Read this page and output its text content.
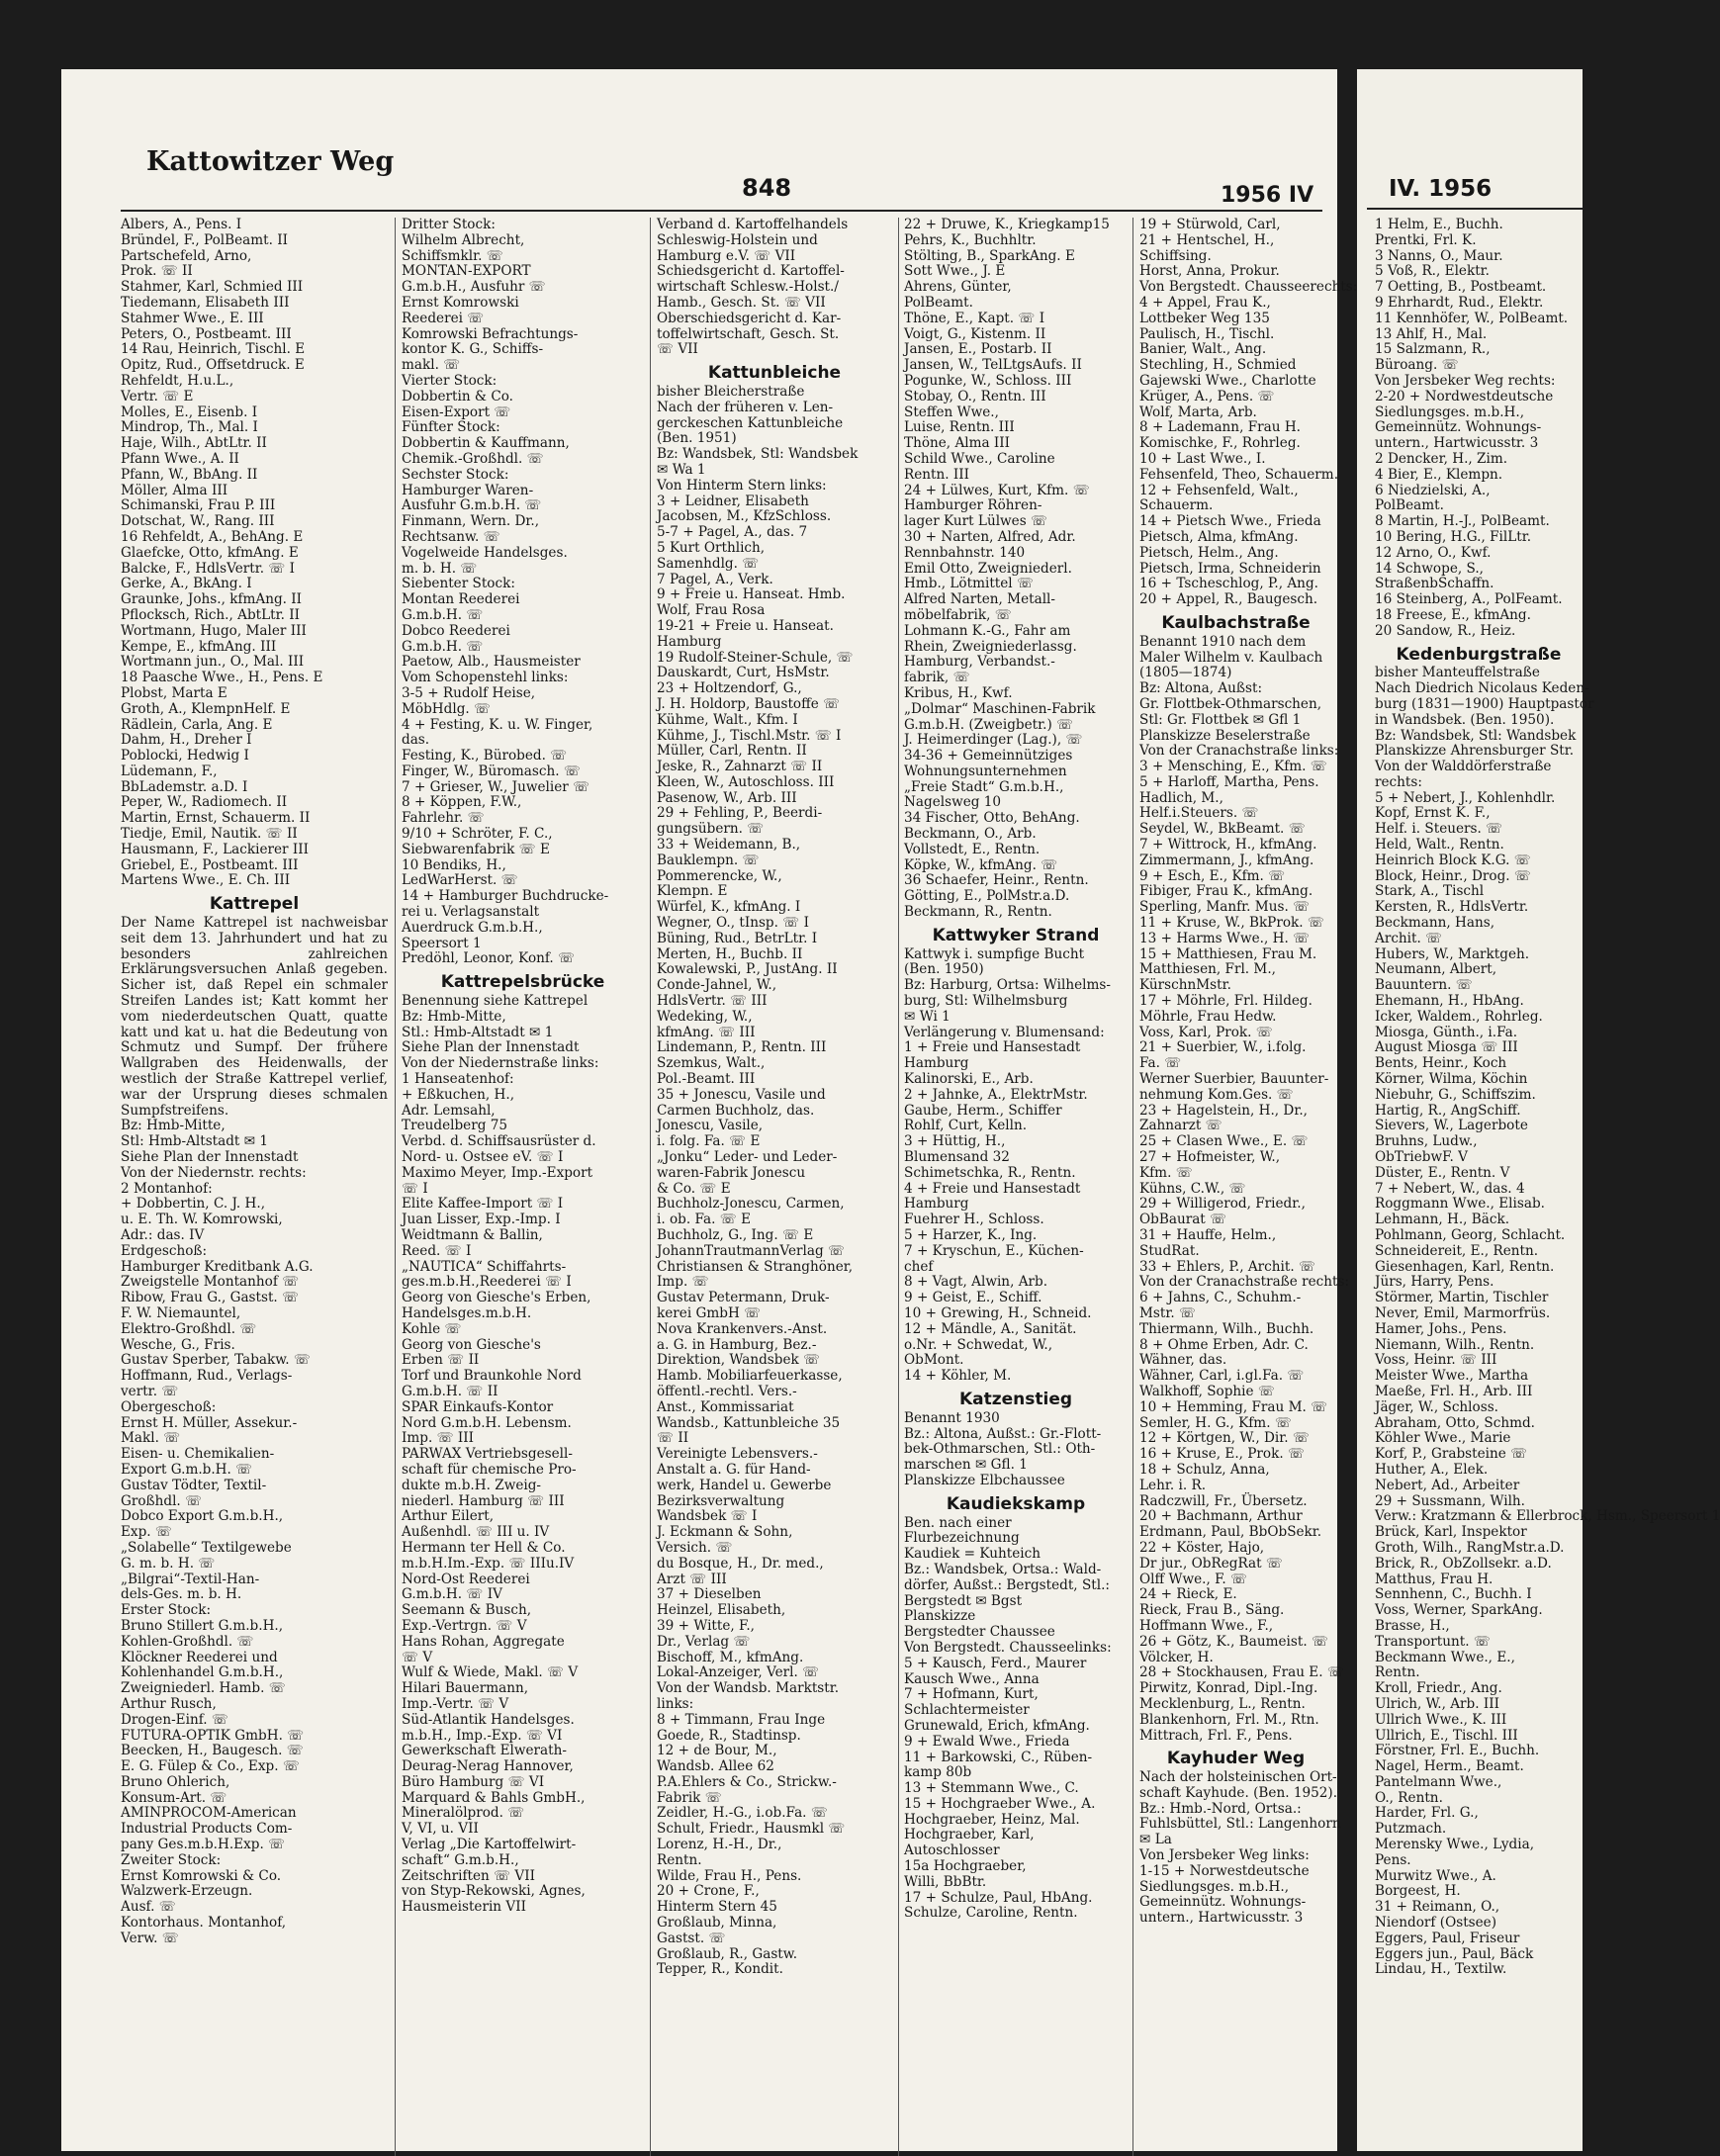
Kattowitzer Weg
848	1956 IV
Albers, A., Pens. I
Bründel, F., PolBeamt. II
Partschefeld, Arno,
Prok. ☏ II
Stahmer, Karl, Schmied III
Tiedemann, Elisabeth III
Stahmer Wwe., E. III
Peters, O., Postbeamt. III
14 Rau, Heinrich, Tischl. E
Opitz, Rud., Offsetdruck. E
Rehfeldt, H.u.L.,
Vertr. ☏ E
Molles, E., Eisenb. I
Mindrop, Th., Mal. I
Haje, Wilh., AbtLtr. II
Pfann Wwe., A. II
Pfann, W., BbAng. II
Möller, Alma III
Schimanski, Frau P. III
Dotschat, W., Rang. III
16 Rehfeldt, A., BehAng. E
Glaefcke, Otto, kfmAng. E
Balcke, F., HdlsVertr. ☏ I
Gerke, A., BkAng. I
Graunke, Johs., kfmAng. II
Pflocksch, Rich., AbtLtr. II
Wortmann, Hugo, Maler III
Kempe, E., kfmAng. III
Wortmann jun., O., Mal. III
18 Paasche Wwe., H., Pens. E
Plobst, Marta E
Groth, A., KlempnHelf. E
Rädlein, Carla, Ang. E
Dahm, H., Dreher I
Poblocki, Hedwig I
Lüdemann, F.,
BbLademstr. a.D. I
Peper, W., Radiomech. II
Martin, Ernst, Schauerm. II
Tiedje, Emil, Nautik. ☏ II
Hausmann, F., Lackierer III
Griebel, E., Postbeamt. III
Martens Wwe., E. Ch. III
Kattrepel
Der Name Kattrepel ist nachweisbar seit dem 13. Jahrhundert und hat zu besonders zahlreichen Erklärungsversuchen Anlaß gegeben. Sicher ist, daß Repel ein schmaler Streifen Landes ist; Katt kommt her vom niederdeutschen Quatt, quatte katt und kat u. hat die Bedeutung von Schmutz und Sumpf. Der frühere Wallgraben des Heidenwalls, der westlich der Straße Kattrepel verlief, war der Ursprung dieses schmalen Sumpfstreifens.
Bz: Hmb-Mitte,
Stl: Hmb-Altstadt ✉ 1
Siehe Plan der Innenstadt
Von der Niedernstr. rechts:
2 Montanhof:
+ Dobbertin, C. J. H.,
u. E. Th. W. Komrowski,
Adr.: das. IV
Erdgeschoß:
Hamburger Kreditbank A.G.
Zweigstelle Montanhof ☏
Ribow, Frau G., Gastst. ☏
F. W. Niemauntel,
Elektro-Großhdl. ☏
Wesche, G., Fris.
Gustav Sperber, Tabakw. ☏
Hoffmann, Rud., Verlags-
vertr. ☏
Obergeschoß:
Ernst H. Müller, Assekur.-
Makl. ☏
Eisen- u. Chemikalien-
Export G.m.b.H. ☏
Gustav Tödter, Textil-
Großhdl. ☏
Dobco Export G.m.b.H.,
Exp. ☏
„Solabelle“ Textilgewebe
G. m. b. H. ☏
„Bilgrai“-Textil-Han-
dels-Ges. m. b. H.
Erster Stock:
Bruno Stillert G.m.b.H.,
Kohlen-Großhdl. ☏
Klöckner Reederei und
Kohlenhandel G.m.b.H.,
Zweigniederl. Hamb. ☏
Arthur Rusch,
Drogen-Einf. ☏
FUTURA-OPTIK GmbH. ☏
Beecken, H., Baugesch. ☏
E. G. Fülep & Co., Exp. ☏
Bruno Ohlerich,
Konsum-Art. ☏
AMINPROCOM-American
Industrial Products Com-
pany Ges.m.b.H.Exp. ☏
Zweiter Stock:
Ernst Komrowski & Co.
Walzwerk-Erzeugn.
Ausf. ☏
Kontorhaus. Montanhof,
Verw. ☏
Dritter Stock:
Wilhelm Albrecht,
Schiffsmklr. ☏
MONTAN-EXPORT
G.m.b.H., Ausfuhr ☏
Ernst Komrowski
Reederei ☏
Komrowski Befrachtungs-
kontor K. G., Schiffs-
makl. ☏
Vierter Stock:
Dobbertin & Co.
Eisen-Export ☏
Fünfter Stock:
Dobbertin & Kauffmann,
Chemik.-Großhdl. ☏
Sechster Stock:
Hamburger Waren-
Ausfuhr G.m.b.H. ☏
Finmann, Wern. Dr.,
Rechtsanw. ☏
Vogelweide Handelsges.
m. b. H. ☏
Siebenter Stock:
Montan Reederei
G.m.b.H. ☏
Dobco Reederei
G.m.b.H. ☏
Paetow, Alb., Hausmeister
Vom Schopenstehl links:
3-5 + Rudolf Heise,
MöbHdlg. ☏
4 + Festing, K. u. W. Finger,
das.
Festing, K., Bürobed. ☏
Finger, W., Büromasch. ☏
7 + Grieser, W., Juwelier ☏
8 + Köppen, F.W.,
Fahrlehr. ☏
9/10 + Schröter, F. C.,
Siebwarenfabrik ☏ E
10 Bendiks, H.,
LedWarHerst. ☏
14 + Hamburger Buchdrucke-
rei u. Verlagsanstalt
Auerdruck G.m.b.H.,
Speersort 1
Predöhl, Leonor, Konf. ☏
Kattrepelsbrücke
Benennung siehe Kattrepel
Bz: Hmb-Mitte,
Stl.: Hmb-Altstadt ✉ 1
Siehe Plan der Innenstadt
Von der Niedernstraße links:
1 Hanseatenhof:
+ Eßkuchen, H.,
Adr. Lemsahl,
Treudelberg 75
Verbd. d. Schiffsausrüster d.
Nord- u. Ostsee eV. ☏ I
Maximo Meyer, Imp.-Export
☏ I
Elite Kaffee-Import ☏ I
Juan Lisser, Exp.-Imp. I
Weidtmann & Ballin,
Reed. ☏ I
„NAUTICA“ Schiffahrts-
ges.m.b.H.,Reederei ☏ I
Georg von Giesche's Erben,
Handelsges.m.b.H.
Kohle ☏
Georg von Giesche's
Erben ☏ II
Torf und Braunkohle Nord
G.m.b.H. ☏ II
SPAR Einkaufs-Kontor
Nord G.m.b.H. Lebensm.
Imp. ☏ III
PARWAX Vertriebsgesell-
schaft für chemische Pro-
dukte m.b.H. Zweig-
niederl. Hamburg ☏ III
Arthur Eilert,
Außenhdl. ☏ III u. IV
Hermann ter Hell & Co.
m.b.H.Im.-Exp. ☏ IIIu.IV
Nord-Ost Reederei
G.m.b.H. ☏ IV
Seemann & Busch,
Exp.-Vertrgn. ☏ V
Hans Rohan, Aggregate
☏ V
Wulf & Wiede, Makl. ☏ V
Hilari Bauermann,
Imp.-Vertr. ☏ V
Süd-Atlantik Handelsges.
m.b.H., Imp.-Exp. ☏ VI
Gewerkschaft Elwerath-
Deurag-Nerag Hannover,
Büro Hamburg ☏ VI
Marquard & Bahls GmbH.,
Mineralölprod. ☏
V, VI, u. VII
Verlag „Die Kartoffelwirt-
schaft“ G.m.b.H.,
Zeitschriften ☏ VII
von Styp-Rekowski, Agnes,
Hausmeisterin VII
Verband d. Kartoffelhandels
Schleswig-Holstein und
Hamburg e.V. ☏ VII
Schiedsgericht d. Kartoffel-
wirtschaft Schlesw.-Holst./
Hamb., Gesch. St. ☏ VII
Oberschiedsgericht d. Kar-
toffelwirtschaft, Gesch. St.
☏ VII
Kattunbleiche
bisher Bleicherstraße
Nach der früheren v. Len-
gerckeschen Kattunbleiche
(Ben. 1951)
Bz: Wandsbek, Stl: Wandsbek
✉ Wa 1
Von Hinterm Stern links:
3 + Leidner, Elisabeth
Jacobsen, M., KfzSchloss.
5-7 + Pagel, A., das. 7
5 Kurt Orthlich,
Samenhdlg. ☏
7 Pagel, A., Verk.
9 + Freie u. Hanseat. Hmb.
Wolf, Frau Rosa
19-21 + Freie u. Hanseat.
Hamburg
19 Rudolf-Steiner-Schule, ☏
Dauskardt, Curt, HsMstr.
23 + Holtzendorf, G.,
J. H. Holdorp, Baustoffe ☏
Kühme, Walt., Kfm. I
Kühme, J., Tischl.Mstr. ☏ I
Müller, Carl, Rentn. II
Jeske, R., Zahnarzt ☏ II
Kleen, W., Autoschloss. III
Pasenow, W., Arb. III
29 + Fehling, P., Beerdi-
gungsübern. ☏
33 + Weidemann, B.,
Bauklempn. ☏
Pommerencke, W.,
Klempn. E
Würfel, K., kfmAng. I
Wegner, O., tInsp. ☏ I
Büning, Rud., BetrLtr. I
Merten, H., Buchb. II
Kowalewski, P., JustAng. II
Conde-Jahnel, W.,
HdlsVertr. ☏ III
Wedeking, W.,
kfmAng. ☏ III
Lindemann, P., Rentn. III
Szemkus, Walt.,
Pol.-Beamt. III
35 + Jonescu, Vasile und
Carmen Buchholz, das.
Jonescu, Vasile,
i. folg. Fa. ☏ E
„Jonku“ Leder- und Leder-
waren-Fabrik Jonescu
& Co. ☏ E
Buchholz-Jonescu, Carmen,
i. ob. Fa. ☏ E
Buchholz, G., Ing. ☏ E
JohannTrautmannVerlag ☏
Christiansen & Stranghöner,
Imp. ☏
Gustav Petermann, Druk-
kerei GmbH ☏
Nova Krankenvers.-Anst.
a. G. in Hamburg, Bez.-
Direktion, Wandsbek ☏
Hamb. Mobiliarfeuerkasse,
öffentl.-rechtl. Vers.-
Anst., Kommissariat
Wandsb., Kattunbleiche 35
☏ II
Vereinigte Lebensvers.-
Anstalt a. G. für Hand-
werk, Handel u. Gewerbe
Bezirksverwaltung
Wandsbek ☏ I
J. Eckmann & Sohn,
Versich. ☏
du Bosque, H., Dr. med.,
Arzt ☏ III
37 + Dieselben
Heinzel, Elisabeth,
39 + Witte, F.,
Dr., Verlag ☏
Bischoff, M., kfmAng.
Lokal-Anzeiger, Verl. ☏
Von der Wandsb. Marktstr.
links:
8 + Timmann, Frau Inge
Goede, R., Stadtinsp.
12 + de Bour, M.,
Wandsb. Allee 62
P.A.Ehlers & Co., Strickw.-
Fabrik ☏
Zeidler, H.-G., i.ob.Fa. ☏
Schult, Friedr., Hausmkl ☏
Lorenz, H.-H., Dr.,
Rentn.
Wilde, Frau H., Pens.
20 + Crone, F.,
Hinterm Stern 45
Großlaub, Minna,
Gastst. ☏
Großlaub, R., Gastw.
Tepper, R., Kondit.
22 + Druwe, K., Kriegkamp15
Pehrs, K., Buchhltr.
Stölting, B., SparkAng. E
Sott Wwe., J. E
Ahrens, Günter,
PolBeamt.
Thöne, E., Kapt. ☏ I
Voigt, G., Kistenm. II
Jansen, E., Postarb. II
Jansen, W., TelLtgsAufs. II
Pogunke, W., Schloss. III
Stobay, O., Rentn. III
Steffen Wwe.,
Luise, Rentn. III
Thöne, Alma III
Schild Wwe., Caroline
Rentn. III
24 + Lülwes, Kurt, Kfm. ☏
Hamburger Röhren-
lager Kurt Lülwes ☏
30 + Narten, Alfred, Adr.
Rennbahnstr. 140
Emil Otto, Zweigniederl.
Hmb., Lötmittel ☏
Alfred Narten, Metall-
möbelfabrik, ☏
Lohmann K.-G., Fahr am
Rhein, Zweigniederlassg.
Hamburg, Verbandst.-
fabrik, ☏
Kribus, H., Kwf.
„Dolmar“ Maschinen-Fabrik
G.m.b.H. (Zweigbetr.) ☏
J. Heimerdinger (Lag.), ☏
34-36 + Gemeinnütziges
Wohnungsunternehmen
„Freie Stadt“ G.m.b.H.,
Nagelsweg 10
34 Fischer, Otto, BehAng.
Beckmann, O., Arb.
Vollstedt, E., Rentn.
Köpke, W., kfmAng. ☏
36 Schaefer, Heinr., Rentn.
Götting, E., PolMstr.a.D.
Beckmann, R., Rentn.
Kattwyker Strand
Kattwyk i. sumpfige Bucht
(Ben. 1950)
Bz: Harburg, Ortsa: Wilhelms-
burg, Stl: Wilhelmsburg
✉ Wi 1
Verlängerung v. Blumensand:
1 + Freie und Hansestadt
Hamburg
Kalinorski, E., Arb.
2 + Jahnke, A., ElektrMstr.
Gaube, Herm., Schiffer
Rohlf, Curt, Kelln.
3 + Hüttig, H.,
Blumensand 32
Schimetschka, R., Rentn.
4 + Freie und Hansestadt
Hamburg
Fuehrer H., Schloss.
5 + Harzer, K., Ing.
7 + Kryschun, E., Küchen-
chef
8 + Vagt, Alwin, Arb.
9 + Geist, E., Schiff.
10 + Grewing, H., Schneid.
12 + Mändle, A., Sanität.
o.Nr. + Schwedat, W.,
ObMont.
14 + Köhler, M.
Katzenstieg
Benannt 1930
Bz.: Altona, Außst.: Gr.-Flott-
bek-Othmarschen, Stl.: Oth-
marschen ✉ Gfl. 1
Planskizze Elbchaussee
Kaudiekskamp
Ben. nach einer
Flurbezeichnung
Kaudiek = Kuhteich
Bz.: Wandsbek, Ortsa.: Wald-
dörfer, Außst.: Bergstedt, Stl.:
Bergstedt ✉ Bgst
Planskizze
Bergstedter Chaussee
Von Bergstedt. Chausseelinks:
5 + Kausch, Ferd., Maurer
Kausch Wwe., Anna
7 + Hofmann, Kurt,
Schlachtermeister
Grunewald, Erich, kfmAng.
9 + Ewald Wwe., Frieda
11 + Barkowski, C., Rüben-
kamp 80b
13 + Stemmann Wwe., C.
15 + Hochgraeber Wwe., A.
Hochgraeber, Heinz, Mal.
Hochgraeber, Karl,
Autoschlosser
15a Hochgraeber,
Willi, BbBtr.
17 + Schulze, Paul, HbAng.
Schulze, Caroline, Rentn.
19 + Stürwold, Carl,
21 + Hentschel, H.,
Schiffsing.
Horst, Anna, Prokur.
Von Bergstedt. Chausseerechts:
4 + Appel, Frau K.,
Lottbeker Weg 135
Paulisch, H., Tischl.
Banier, Walt., Ang.
Stechling, H., Schmied
Gajewski Wwe., Charlotte
Krüger, A., Pens. ☏
Wolf, Marta, Arb.
8 + Lademann, Frau H.
Komischke, F., Rohrleg.
10 + Last Wwe., I.
Fehsenfeld, Theo, Schauerm.
12 + Fehsenfeld, Walt.,
Schauerm.
14 + Pietsch Wwe., Frieda
Pietsch, Alma, kfmAng.
Pietsch, Helm., Ang.
Pietsch, Irma, Schneiderin
16 + Tscheschlog, P., Ang.
20 + Appel, R., Baugesch.
Kaulbachstraße
Benannt 1910 nach dem
Maler Wilhelm v. Kaulbach
(1805—1874)
Bz: Altona, Außst:
Gr. Flottbek-Othmarschen,
Stl: Gr. Flottbek ✉ Gfl 1
Planskizze Beselerstraße
Von der Cranachstraße links:
3 + Mensching, E., Kfm. ☏
5 + Harloff, Martha, Pens.
Hadlich, M.,
Helf.i.Steuers. ☏
Seydel, W., BkBeamt. ☏
7 + Wittrock, H., kfmAng.
Zimmermann, J., kfmAng.
9 + Esch, E., Kfm. ☏
Fibiger, Frau K., kfmAng.
Sperling, Manfr. Mus. ☏
11 + Kruse, W., BkProk. ☏
13 + Harms Wwe., H. ☏
15 + Matthiesen, Frau M.
Matthiesen, Frl. M.,
KürschnMstr.
17 + Möhrle, Frl. Hildeg.
Möhrle, Frau Hedw.
Voss, Karl, Prok. ☏
21 + Suerbier, W., i.folg.
Fa. ☏
Werner Suerbier, Bauunter-
nehmung Kom.Ges. ☏
23 + Hagelstein, H., Dr.,
Zahnarzt ☏
25 + Clasen Wwe., E. ☏
27 + Hofmeister, W.,
Kfm. ☏
Kühns, C.W., ☏
29 + Willigerod, Friedr.,
ObBaurat ☏
31 + Hauffe, Helm.,
StudRat.
33 + Ehlers, P., Archit. ☏
Von der Cranachstraße rechts:
6 + Jahns, C., Schuhm.-
Mstr. ☏
Thiermann, Wilh., Buchh.
8 + Ohme Erben, Adr. C.
Wähner, das.
Wähner, Carl, i.gl.Fa. ☏
Walkhoff, Sophie ☏
10 + Hemming, Frau M. ☏
Semler, H. G., Kfm. ☏
12 + Körtgen, W., Dir. ☏
16 + Kruse, E., Prok. ☏
18 + Schulz, Anna,
Lehr. i. R.
Radczwill, Fr., Übersetz.
20 + Bachmann, Arthur
Erdmann, Paul, BbObSekr.
22 + Köster, Hajo,
Dr jur., ObRegRat ☏
Olff Wwe., F. ☏
24 + Rieck, E.
Rieck, Frau B., Säng.
Hoffmann Wwe., F.,
26 + Götz, K., Baumeist. ☏
Völcker, H.
28 + Stockhausen, Frau E. ☏
Pirwitz, Konrad, Dipl.-Ing.
Mecklenburg, L., Rentn.
Blankenhorn, Frl. M., Rtn.
Mittrach, Frl. F., Pens.
Kayhuder Weg
Nach der holsteinischen Ort-
schaft Kayhude. (Ben. 1952).
Bz.: Hmb.-Nord, Ortsa.:
Fuhlsbüttel, Stl.: Langenhorn
✉ La
Von Jersbeker Weg links:
1-15 + Norwestdeutsche
Siedlungsges. m.b.H.,
Gemeinnütz. Wohnungs-
untern., Hartwicusstr. 3
IV. 1956
1 Helm, E., Buchh.
Prentki, Frl. K.
3 Nanns, O., Maur.
5 Voß, R., Elektr.
7 Oetting, B., Postbeamt.
9 Ehrhardt, Rud., Elektr.
11 Kennhöfer, W., PolBeamt.
13 Ahlf, H., Mal.
15 Salzmann, R.,
Büroang. ☏
Von Jersbeker Weg rechts:
2-20 + Nordwestdeutsche
Siedlungsges. m.b.H.,
Gemeinnütz. Wohnungs-
untern., Hartwicusstr. 3
2 Dencker, H., Zim.
4 Bier, E., Klempn.
6 Niedzielski, A.,
PolBeamt.
8 Martin, H.-J., PolBeamt.
10 Bering, H.G., FilLtr.
12 Arno, O., Kwf.
14 Schwope, S.,
StraßenbSchaffn.
16 Steinberg, A., PolFeamt.
18 Freese, E., kfmAng.
20 Sandow, R., Heiz.
Kedenburgstraße
bisher Manteuffelstraße
Nach Diedrich Nicolaus Keden-
burg (1831—1900) Hauptpastor
in Wandsbek. (Ben. 1950).
Bz: Wandsbek, Stl: Wandsbek
Planskizze Ahrensburger Str.
Von der Walddörferstraße
rechts:
5 + Nebert, J., Kohlenhdlr.
Kopf, Ernst K. F.,
Helf. i. Steuers. ☏
Held, Walt., Rentn.
Heinrich Block K.G. ☏
Block, Heinr., Drog. ☏
Stark, A., Tischl
Kersten, R., HdlsVertr.
Beckmann, Hans,
Archit. ☏
Hubers, W., Marktgeh.
Neumann, Albert,
Bauuntern. ☏
Ehemann, H., HbAng.
Icker, Waldem., Rohrleg.
Miosga, Günth., i.Fa.
August Miosga ☏ III
Bents, Heinr., Koch
Körner, Wilma, Köchin
Niebuhr, G., Schiffszim.
Hartig, R., AngSchiff.
Sievers, W., Lagerbote
Bruhns, Ludw.,
ObTriebwF. V
Düster, E., Rentn. V
7 + Nebert, W., das. 4
Roggmann Wwe., Elisab.
Lehmann, H., Bäck.
Pohlmann, Georg, Schlacht.
Schneidereit, E., Rentn.
Giesenhagen, Karl, Rentn.
Jürs, Harry, Pens.
Störmer, Martin, Tischler
Never, Emil, Marmorfrüs.
Hamer, Johs., Pens.
Niemann, Wilh., Rentn.
Voss, Heinr. ☏ III
Meister Wwe., Martha
Maeße, Frl. H., Arb. III
Jäger, W., Schloss.
Abraham, Otto, Schmd.
Köhler Wwe., Marie
Korf, P., Grabsteine ☏
Huther, A., Elek.
Nebert, Ad., Arbeiter
29 + Sussmann, Wilh.
Verw.: Kratzmann & Ellerbrock, Hsm., Speersort 1
Brück, Karl, Inspektor
Groth, Wilh., RangMstr.a.D.
Brick, R., ObZollsekr. a.D.
Matthus, Frau H.
Sennhenn, C., Buchh. I
Voss, Werner, SparkAng.
Brasse, H.,
Transportunt. ☏
Beckmann Wwe., E.,
Rentn.
Kroll, Friedr., Ang.
Ulrich, W., Arb. III
Ullrich Wwe., K. III
Ullrich, E., Tischl. III
Förstner, Frl. E., Buchh.
Nagel, Herm., Beamt.
Pantelmann Wwe.,
O., Rentn.
Harder, Frl. G.,
Putzmach.
Merensky Wwe., Lydia,
Pens.
Murwitz Wwe., A.
Borgeest, H.
31 + Reimann, O.,
Niendorf (Ostsee)
Eggers, Paul, Friseur
Eggers jun., Paul, Bäck
Lindau, H., Textilw.
